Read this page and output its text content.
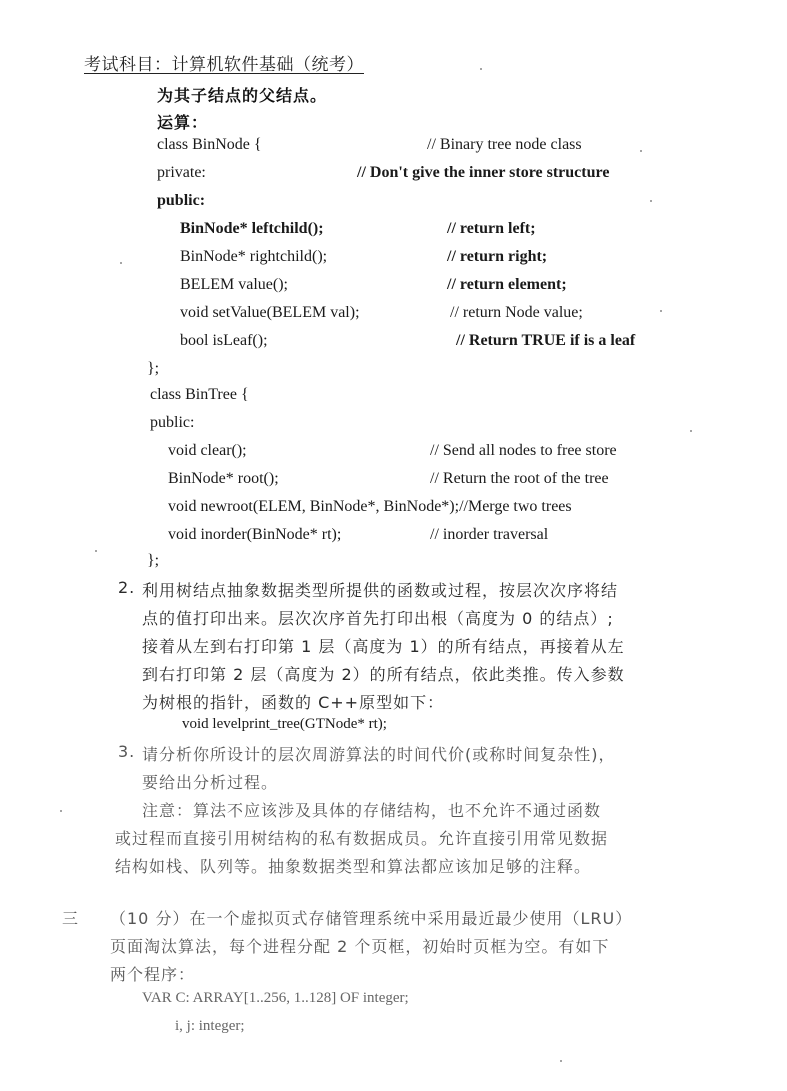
考试科目：计算机软件基础（统考）
为其子结点的父结点。
运算：
class BinNode {	// Binary tree node class
private:	// Don't give the inner store structure
public:
BinNode* leftchild();	// return left;
BinNode* rightchild();	// return right;
BELEM value();	// return element;
void setValue(BELEM val);	// return Node value;
bool isLeaf();	// Return TRUE if is a leaf
};
class BinTree {
public:
void clear();	// Send all nodes to free store
BinNode* root();	// Return the root of the tree
void newroot(ELEM, BinNode*, BinNode*);//Merge two trees
void inorder(BinNode* rt);	// inorder traversal
};
2. 利用树结点抽象数据类型所提供的函数或过程，按层次次序将结
点的值打印出来。层次次序首先打印出根（高度为 0 的结点）;
接着从左到右打印第 1 层（高度为 1）的所有结点，再接着从左
到右打印第 2 层（高度为 2）的所有结点，依此类推。传入参数
为树根的指针，函数的 C++原型如下：
void levelprint_tree(GTNode* rt);
3. 请分析你所设计的层次周游算法的时间代价(或称时间复杂性)，
要给出分析过程。
注意：算法不应该涉及具体的存储结构，也不允许不通过函数
或过程而直接引用树结构的私有数据成员。允许直接引用常见数据
结构如栈、队列等。抽象数据类型和算法都应该加足够的注释。
三 （10 分）在一个虚拟页式存储管理系统中采用最近最少使用（LRU）
页面淘汰算法，每个进程分配 2 个页框，初始时页框为空。有如下
两个程序：
VAR C: ARRAY[1..256, 1..128] OF integer;
i, j: integer;
